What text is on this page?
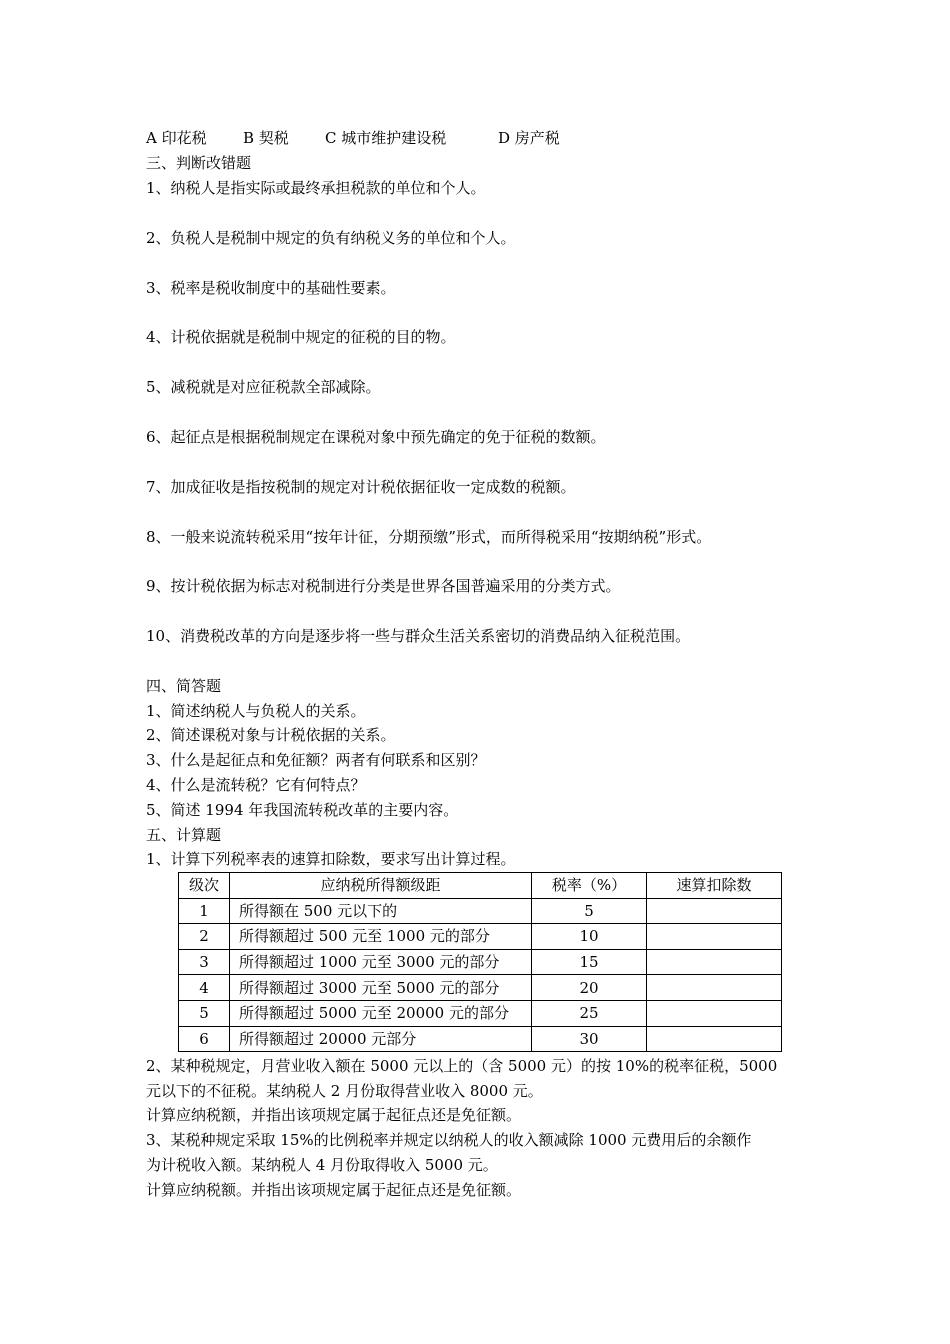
A 印花税 B 契税 C 城市维护建设税	D 房产税
三、判断改错题
1、纳税人是指实际或最终承担税款的单位和个人。
2、负税人是税制中规定的负有纳税义务的单位和个人。
3、税率是税收制度中的基础性要素。
4、计税依据就是税制中规定的征税的目的物。
5、减税就是对应征税款全部减除。
6、起征点是根据税制规定在课税对象中预先确定的免于征税的数额。
7、加成征收是指按税制的规定对计税依据征收一定成数的税额。
8、一般来说流转税采用“按年计征，分期预缴”形式，而所得税采用“按期纳税”形式。
9、按计税依据为标志对税制进行分类是世界各国普遍采用的分类方式。
10、消费税改革的方向是逐步将一些与群众生活关系密切的消费品纳入征税范围。
四、简答题
1、简述纳税人与负税人的关系。
2、简述课税对象与计税依据的关系。
3、什么是起征点和免征额？两者有何联系和区别？
4、什么是流转税？它有何特点？
5、简述 1994 年我国流转税改革的主要内容。
五、计算题
1、计算下列税率表的速算扣除数，要求写出计算过程。
级次	应纳税所得额级距	税率（%）	速算扣除数
1	所得额在 500 元以下的	5	
2	所得额超过 500 元至 1000 元的部分	10	
3	所得额超过 1000 元至 3000 元的部分	15	
4	所得额超过 3000 元至 5000 元的部分	20	
5	所得额超过 5000 元至 20000 元的部分	25	
6	所得额超过 20000 元部分	30	
2、某种税规定，月营业收入额在 5000 元以上的（含 5000 元）的按 10%的税率征税，5000
元以下的不征税。某纳税人 2 月份取得营业收入 8000 元。
计算应纳税额，并指出该项规定属于起征点还是免征额。
3、某税种规定采取 15%的比例税率并规定以纳税人的收入额减除 1000 元费用后的余额作
为计税收入额。某纳税人 4 月份取得收入 5000 元。
计算应纳税额。并指出该项规定属于起征点还是免征额。
